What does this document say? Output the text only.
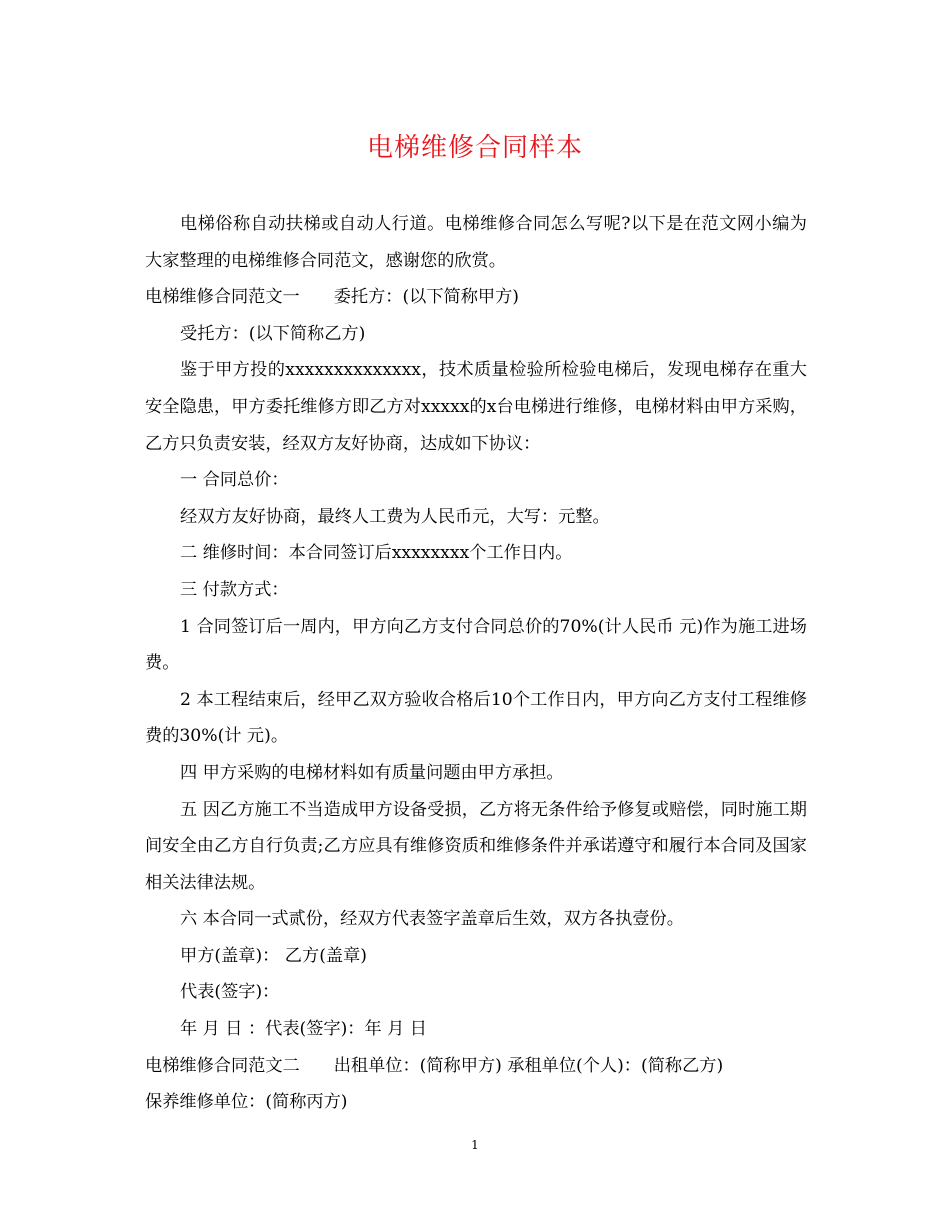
电梯维修合同样本

电梯俗称自动扶梯或自动人行道。电梯维修合同怎么写呢?以下是在范文网小编为大家整理的电梯维修合同范文，感谢您的欣赏。

电梯维修合同范文一 委托方：(以下简称甲方)

受托方：(以下简称乙方)

鉴于甲方投的xxxxxxxxxxxxxx，技术质量检验所检验电梯后，发现电梯存在重大安全隐患，甲方委托维修方即乙方对xxxxx的x台电梯进行维修，电梯材料由甲方采购，乙方只负责安装，经双方友好协商，达成如下协议：

一 合同总价：

经双方友好协商，最终人工费为人民币元，大写：元整。

二 维修时间：本合同签订后xxxxxxxx个工作日内。

三 付款方式：

1 合同签订后一周内，甲方向乙方支付合同总价的70%(计人民币 元)作为施工进场费。

2 本工程结束后，经甲乙双方验收合格后10个工作日内，甲方向乙方支付工程维修费的30%(计 元)。

四 甲方采购的电梯材料如有质量问题由甲方承担。

五 因乙方施工不当造成甲方设备受损，乙方将无条件给予修复或赔偿，同时施工期间安全由乙方自行负责;乙方应具有维修资质和维修条件并承诺遵守和履行本合同及国家相关法律法规。

六 本合同一式贰份，经双方代表签字盖章后生效，双方各执壹份。

甲方(盖章)： 乙方(盖章)

代表(签字)：

年 月 日 ：代表(签字)：年 月 日

电梯维修合同范文二 出租单位：(简称甲方) 承租单位(个人)：(简称乙方)

保养维修单位：(简称丙方)

1
